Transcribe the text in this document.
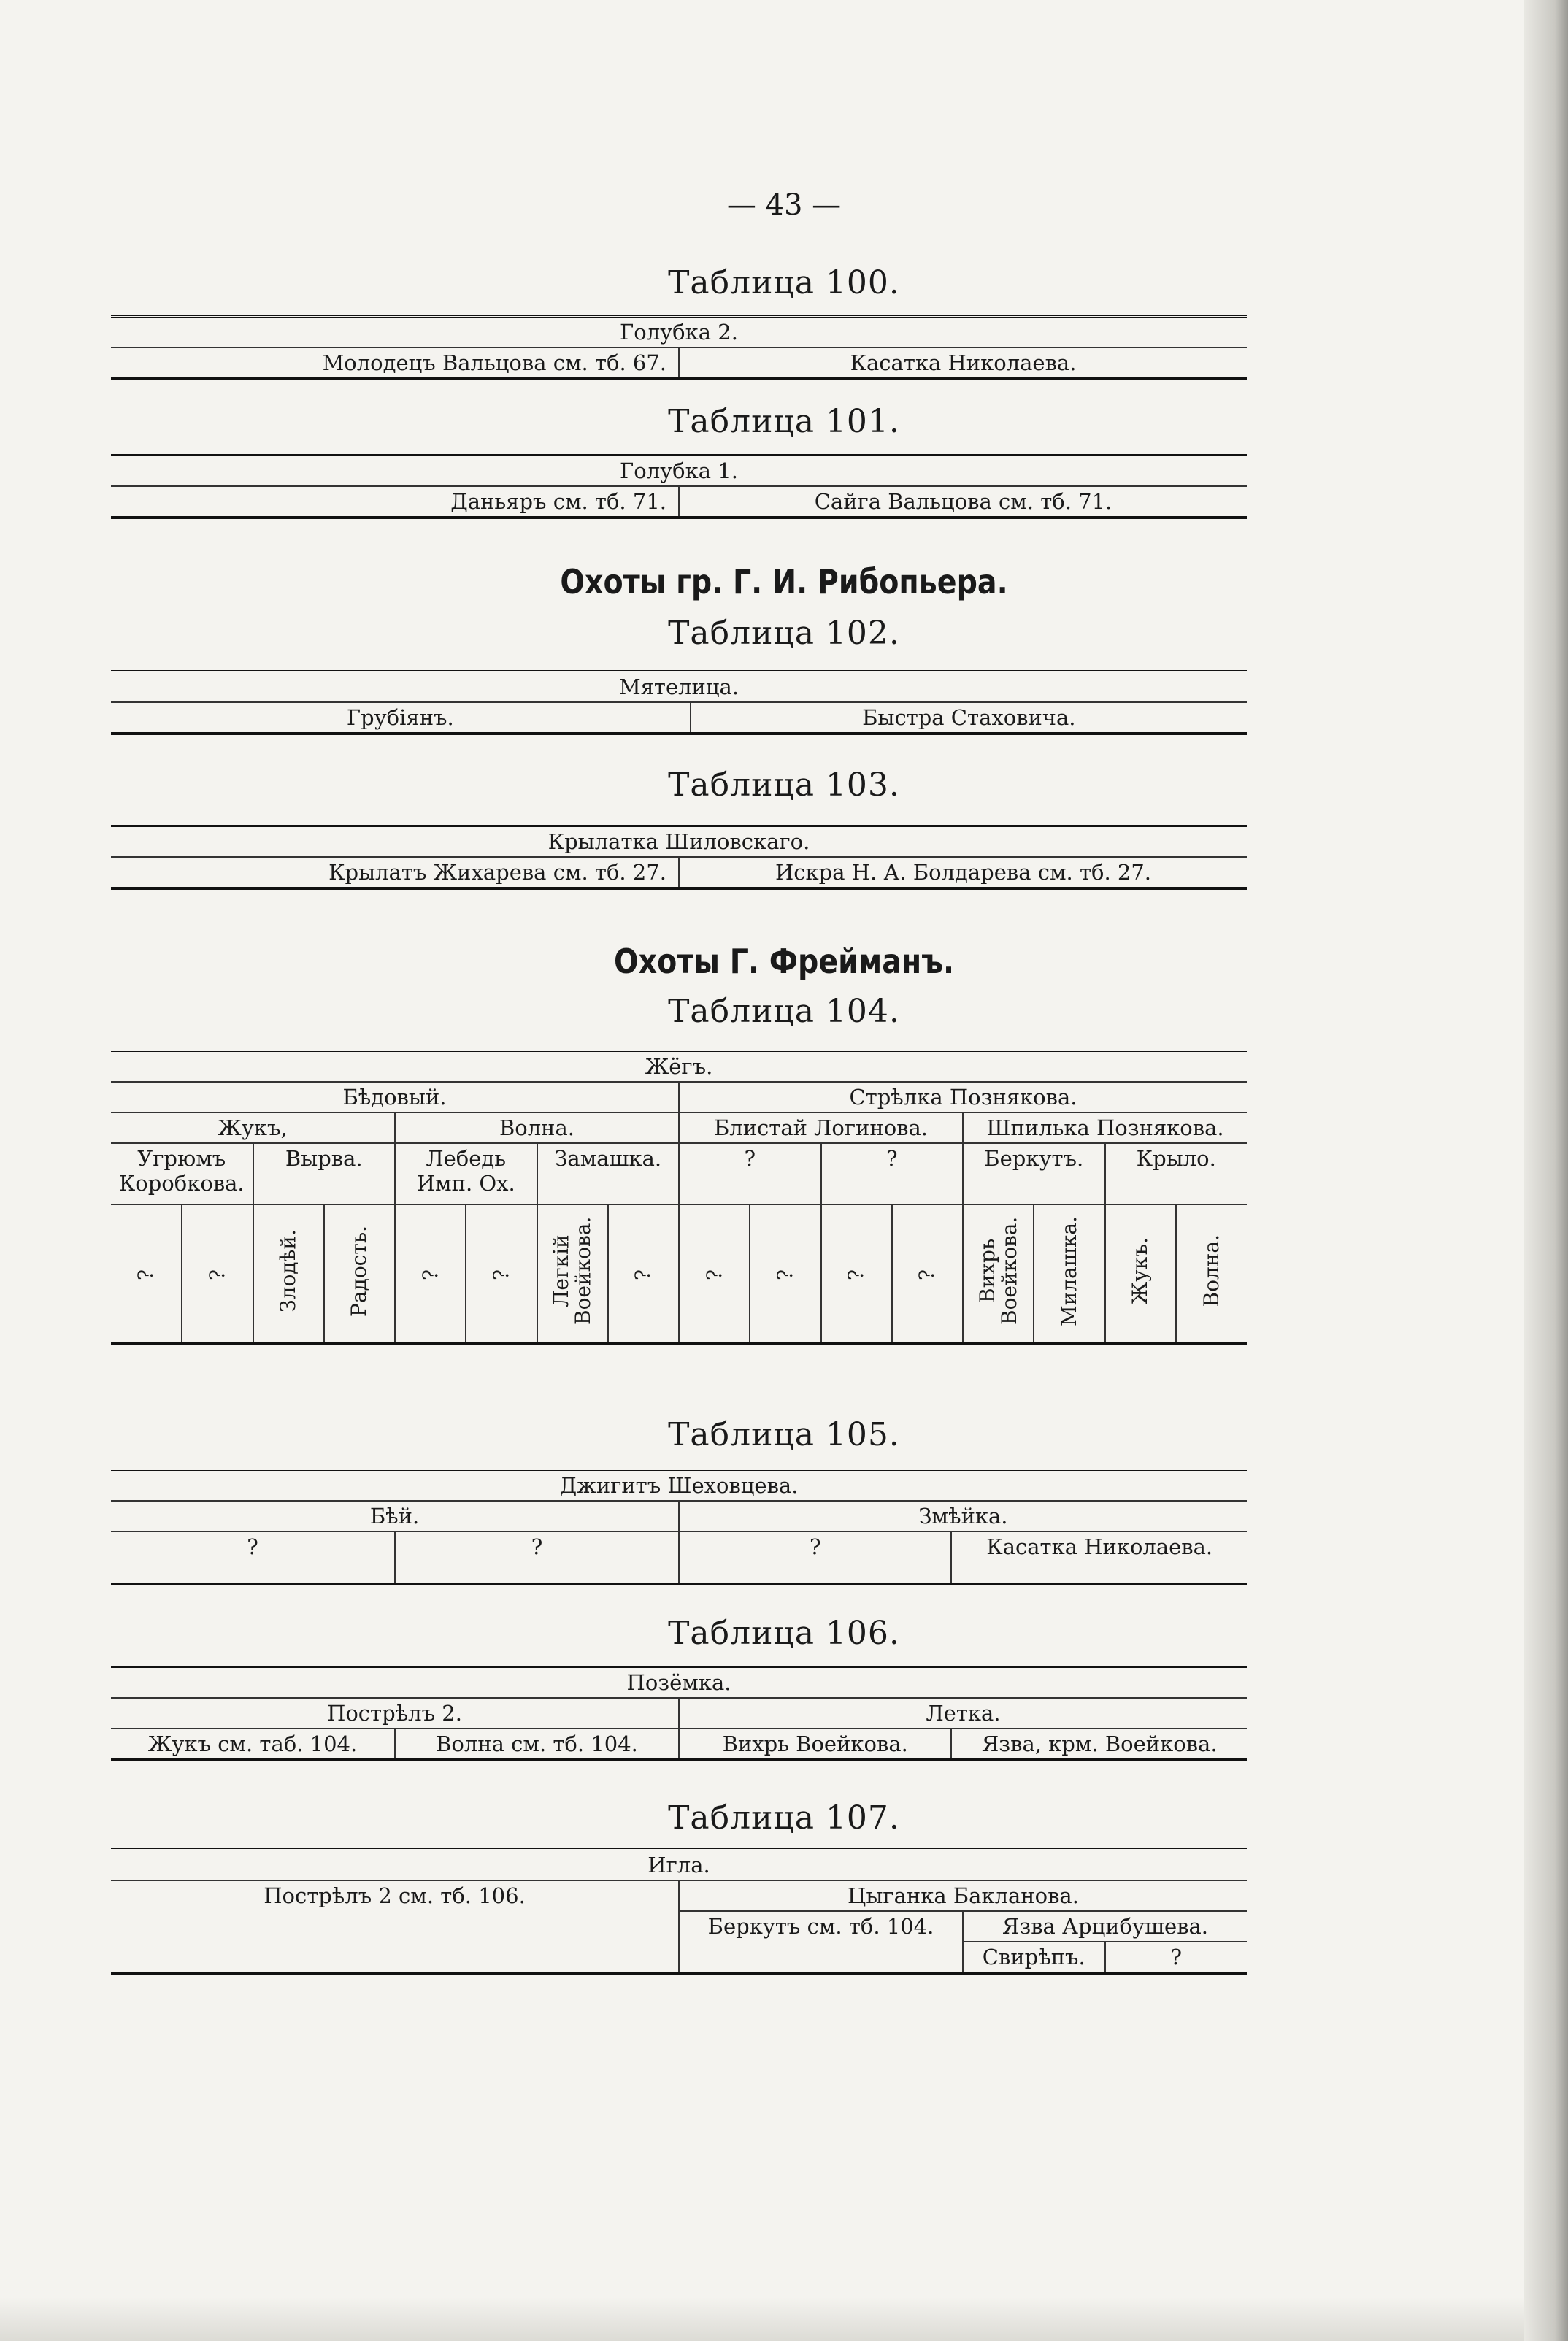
— 43 —
Таблица 100.
Голубка 2.
Молодецъ Вальцова см. тб. 67.	Касатка Николаева.
Таблица 101.
Голубка 1.
Даньяръ см. тб. 71.	Сайга Вальцова см. тб. 71.
Охоты гр. Г. И. Рибопьера.
Таблица 102.
Мятелица.
Грубіянъ.	Быстра Стаховича.
Таблица 103.
Крылатка Шиловскаго.
Крылатъ Жихарева см. тб. 27.	Искра Н. А. Болдарева см. тб. 27.
Охоты Г. Фрейманъ.
Таблица 104.
Жёгъ.															
Бѣдовый.								Стрѣлка Познякова.							
Жукъ,				Волна.				Блистай Логинова.				Шпилька Познякова.			
Угрюмъ Коробкова.		Вырва.		Лебедь Имп. Ох.		Замашка.		?		?		Беркутъ.		Крыло.	
?	?	Злодѣй.	Радость.	?	?	Легкій Воейкова.	?	?	?	?	?	Вихрь Воейкова.	Милашка.	Жукъ.	Волна.
Таблица 105.
Джигитъ Шеховцева.			
Бѣй.		Змѣйка.	
?	?	?	Касатка Николаева.
Таблица 106.
Позёмка.			
Пострѣлъ 2.		Летка.	
Жукъ см. таб. 104.	Волна см. тб. 104.	Вихрь Воейкова.	Язва, крм. Воейкова.
Таблица 107.
Игла.			
Пострѣлъ 2 см. тб. 106.	Цыганка Бакланова.		
	Беркутъ см. тб. 104.	Язва Арцибушева.	
		Свирѣпъ.	?
